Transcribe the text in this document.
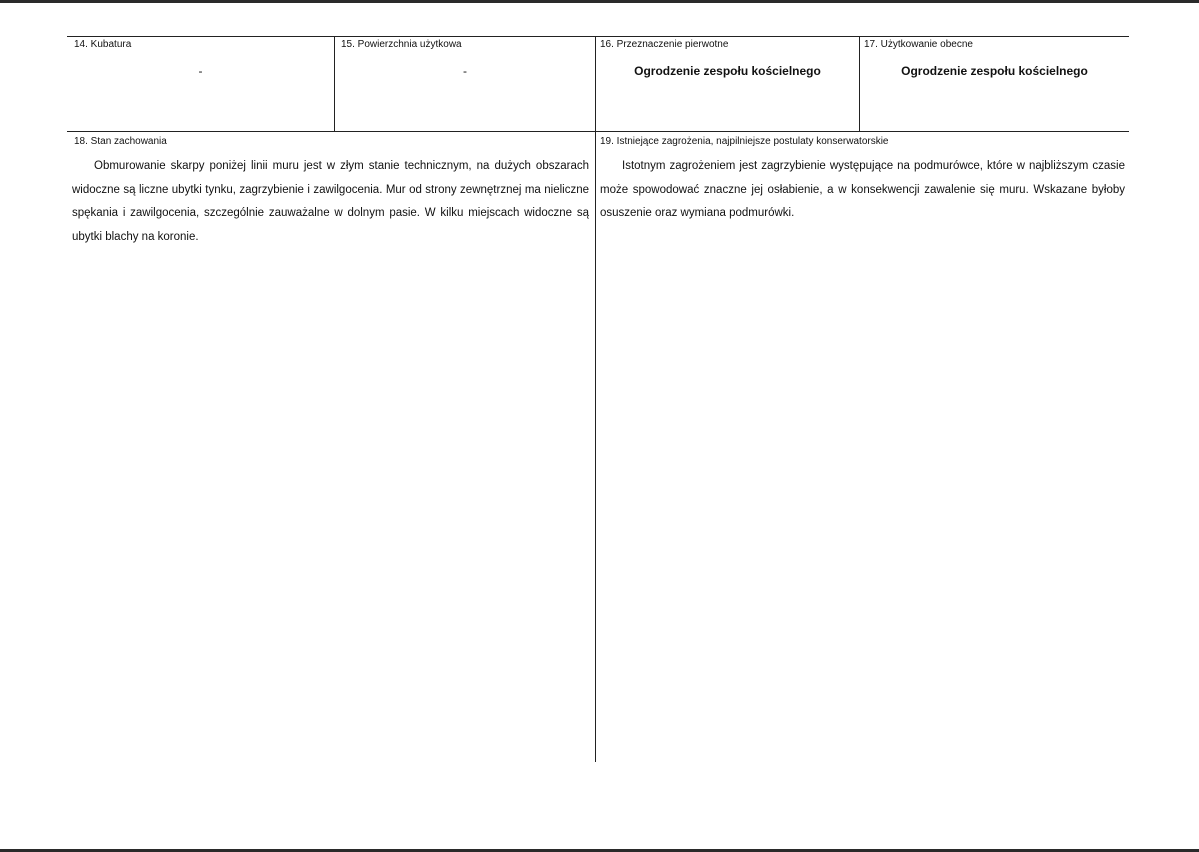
14. Kubatura
-
15. Powierzchnia użytkowa
-
16. Przeznaczenie pierwotne
Ogrodzenie zespołu kościelnego
17. Użytkowanie obecne
Ogrodzenie zespołu kościelnego
18. Stan zachowania
Obmurowanie skarpy poniżej linii muru jest w złym stanie technicznym, na dużych obszarach widoczne są liczne ubytki tynku, zagrzybienie i zawilgocenia. Mur od strony zewnętrznej ma nieliczne spękania i zawilgocenia, szczególnie zauważalne w dolnym pasie. W kilku miejscach widoczne są ubytki blachy na koronie.
19. Istniejące zagrożenia, najpilniejsze postulaty konserwatorskie
Istotnym zagrożeniem jest zagrzybienie występujące na podmurówce, które w najbliższym czasie może spowodować znaczne jej osłabienie, a w konsekwencji zawalenie się muru. Wskazane byłoby osuszenie oraz wymiana podmurówki.
